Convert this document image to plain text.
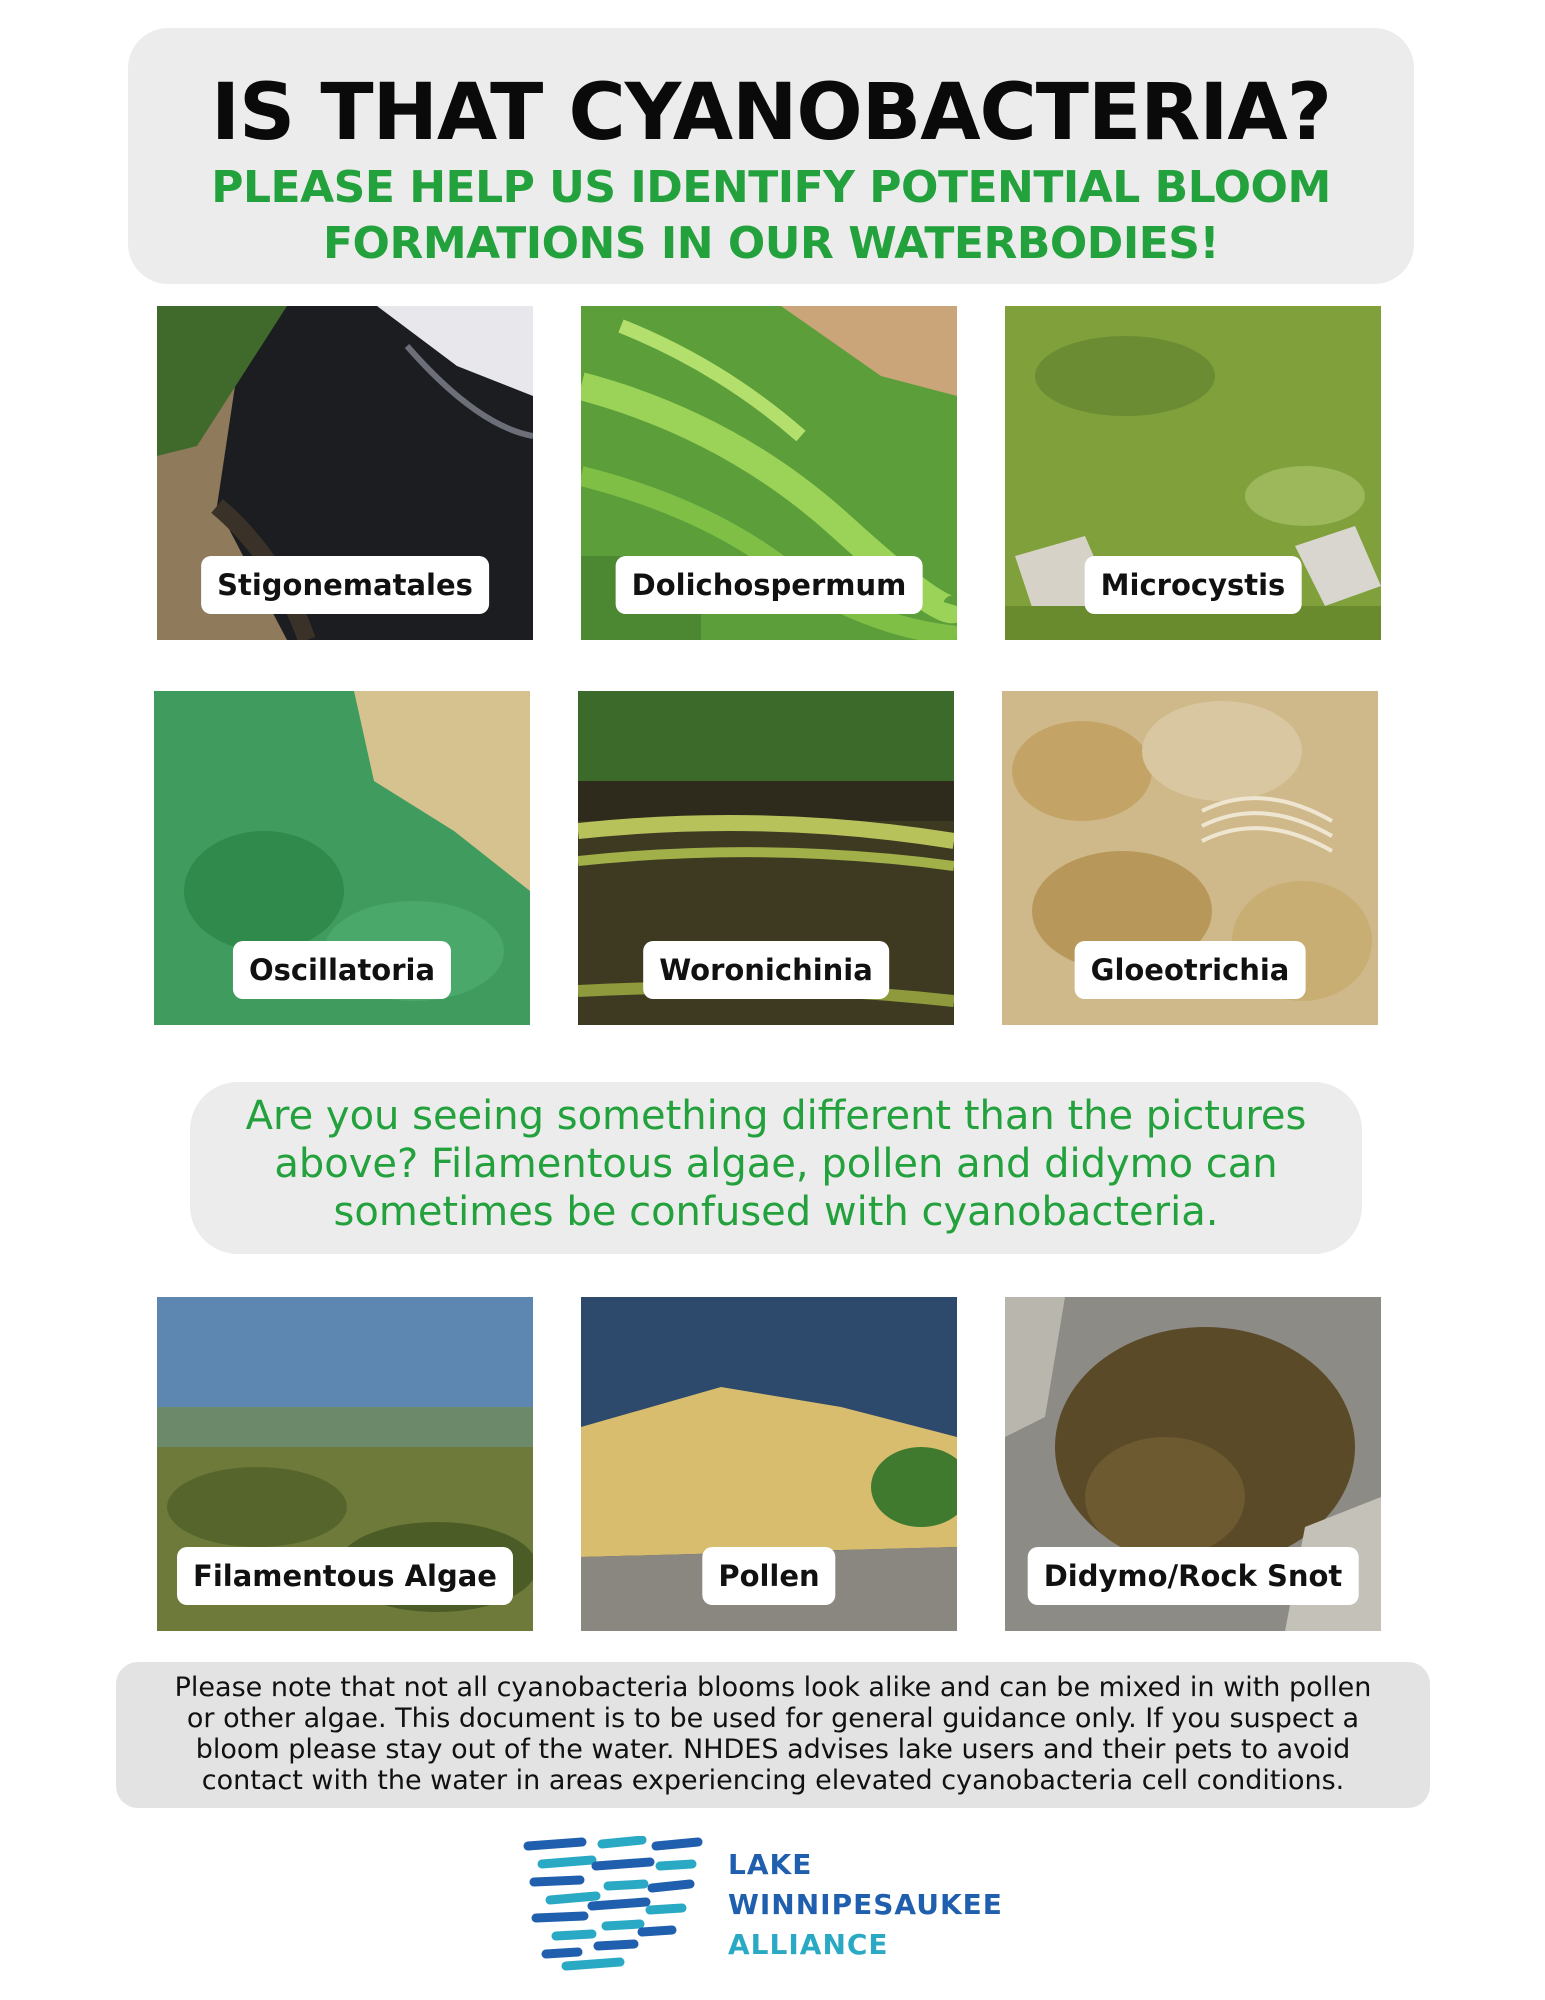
IS THAT CYANOBACTERIA?
PLEASE HELP US IDENTIFY POTENTIAL BLOOM
FORMATIONS IN OUR WATERBODIES!
Stigonematales	Dolichospermum	Microcystis
Oscillatoria	Woronichinia	Gloeotrichia
Are you seeing something different than the pictures
above? Filamentous algae, pollen and didymo can
sometimes be confused with cyanobacteria.
Filamentous Algae	Pollen	Didymo/Rock Snot
Please note that not all cyanobacteria blooms look alike and can be mixed in with pollen
or other algae. This document is to be used for general guidance only. If you suspect a
bloom please stay out of the water. NHDES advises lake users and their pets to avoid
contact with the water in areas experiencing elevated cyanobacteria cell conditions.
LAKE
WINNIPESAUKEE
ALLIANCE
